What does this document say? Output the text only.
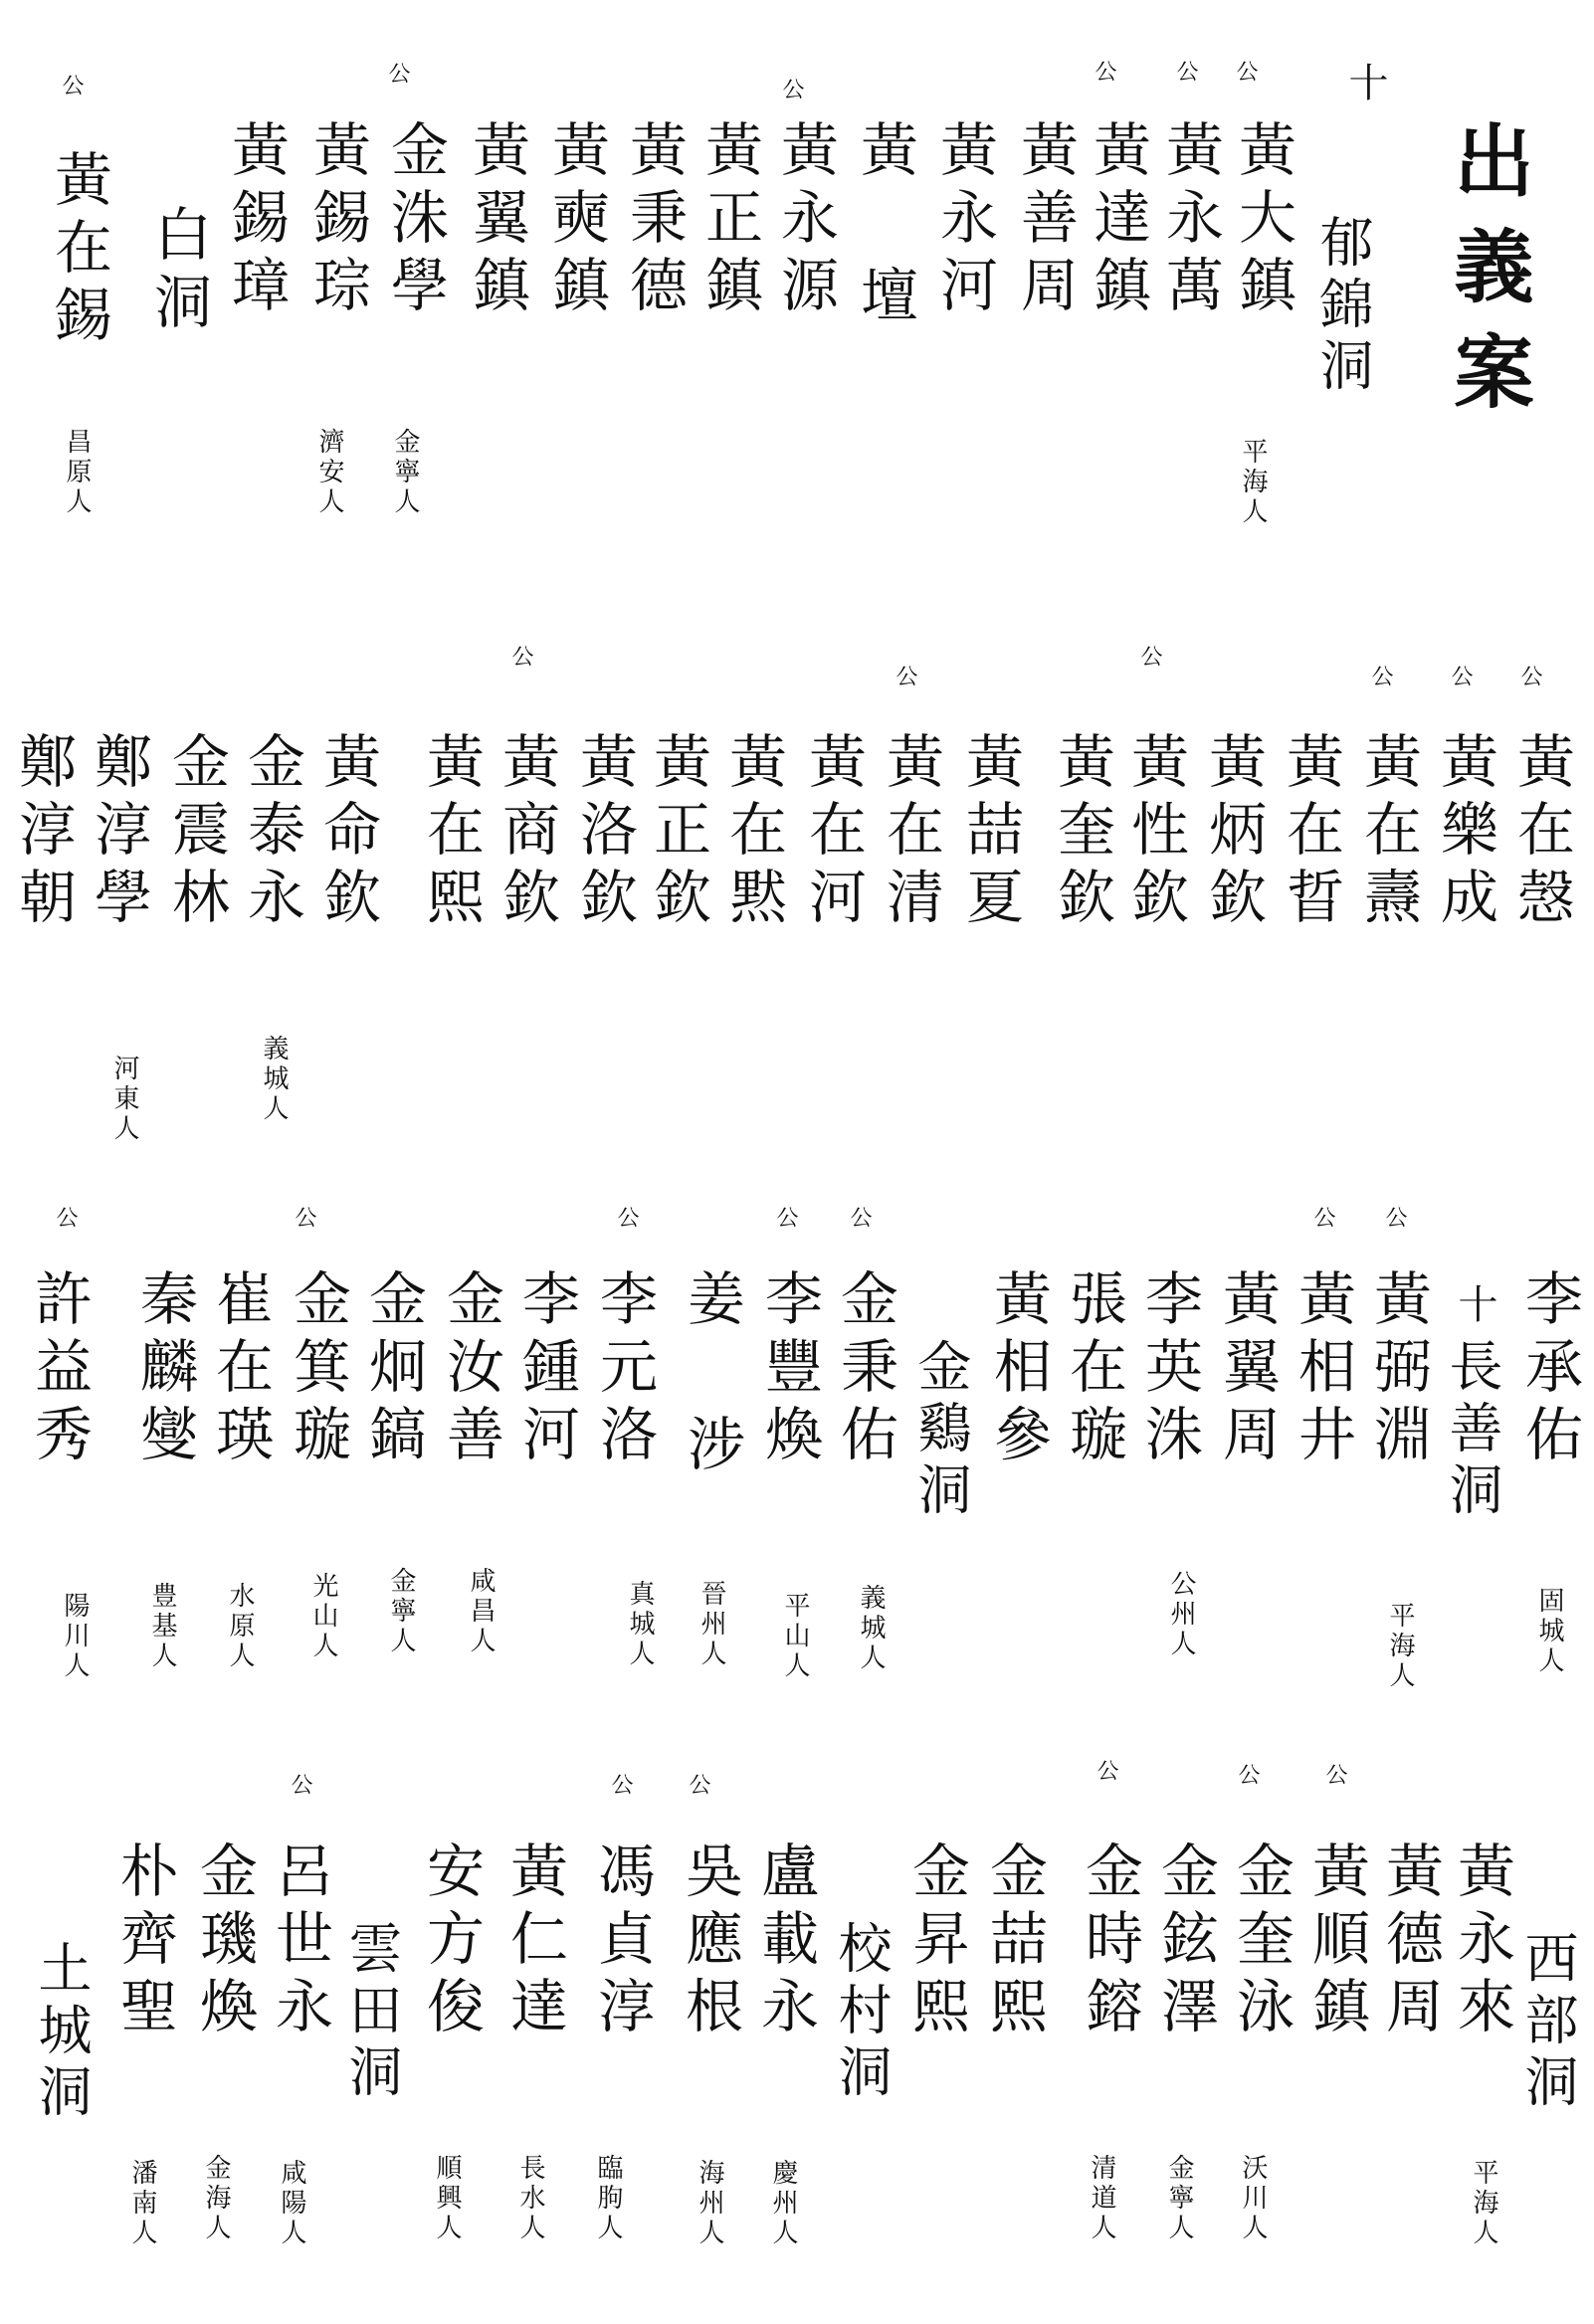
出義案
十
郁錦洞
黃大鎮
黃永萬
黃達鎮
黃善周
黃永河
黃 壇
黃永源
黃正鎮
黃秉德
黃奭鎮
黃翼鎮
金洙學
黃錫琮
黃錫璋
白洞
黃在錫
公
公
公
公
公
公
平海人
金寧人
濟安人
昌原人
黃在愨
黃樂成
黃在燾
黃在晢
黃炳欽
黃性欽
黃奎欽
黃喆夏
黃在清
黃在河
黃在黙
黃正欽
黃洛欽
黃商欽
黃在熙
黃命欽
金泰永
金震林
鄭淳學
鄭淳朝
公
公
公
公
公
公
義城人
河東人
李承佑
十
長善洞
黃弼淵
黃相井
黃翼周
李英洙
張在璇
黃相參
金鷄洞
金秉佑
李豐煥
姜 涉
李元洛
李鍾河
金汝善
金炯鎬
金箕璇
崔在瑛
秦麟燮
許益秀
公
公
公
公
公
公
公
固城人
平海人
公州人
義城人
平山人
晉州人
真城人
咸昌人
金寧人
光山人
水原人
豊基人
陽川人
西部洞
黃永來
黃德周
黃順鎮
金奎泳
金鉉澤
金時鎔
金喆熙
金昇熙
校村洞
盧載永
吳應根
馮貞淳
黃仁達
安方俊
雲田洞
呂世永
金璣煥
朴齊聖
土城洞
公
公
公
公
公	公
平海人
沃川人
金寧人
清道人
慶州人
海州人
臨朐人
長水人
順興人
咸陽人
金海人
潘南人
